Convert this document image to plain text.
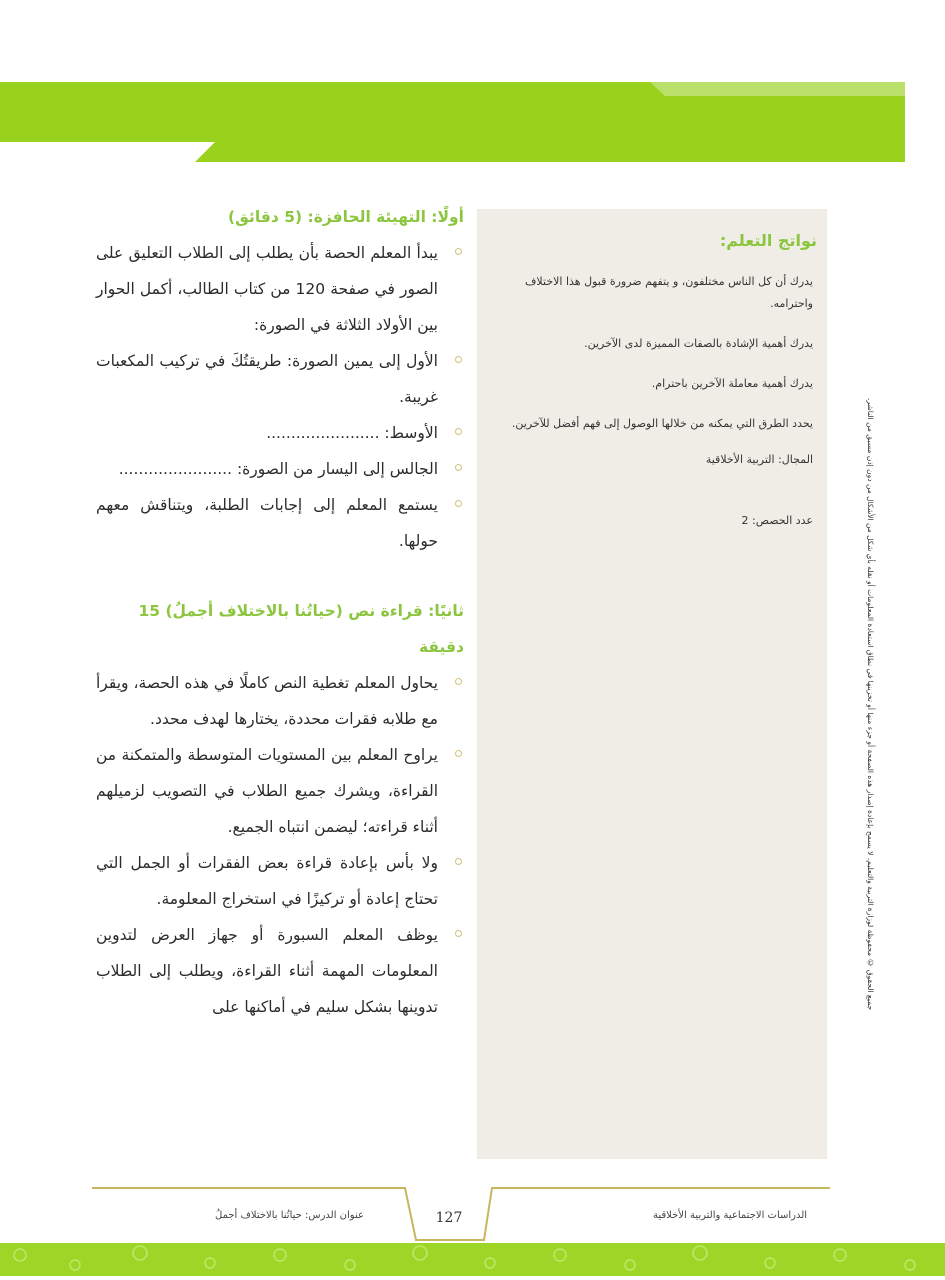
نواتج التعلم:
يدرك أن كل الناس مختلفون، و يتفهم ضرورة قبول هذا الاختلاف واحترامه.
يدرك أهمية الإشادة بالصفات المميزة لدى الآخرين.
يدرك أهمية معاملة الآخرين باحترام.
يحدد الطرق التي يمكنه من خلالها الوصول إلى فهم أفضل للآخرين.
المجال: التربية الأخلاقية
عدد الحصص: 2
أولًا: التهيئة الحافزة: (5 دقائق)
يبدأ المعلم الحصة بأن يطلب إلى الطلاب التعليق على الصور في صفحة 120 من كتاب الطالب، أكمل الحوار بين الأولاد الثلاثة في الصورة:
الأول إلى يمين الصورة: طريقتُكَ في تركيب المكعبات غريبة.
الأوسط: .......................
الجالس إلى اليسار من الصورة: .......................
يستمع المعلم إلى إجابات الطلبة، ويتناقش معهم حولها.
ثانيًا: قراءة نص (حياتُنا بالاختلاف أجملُ) 15 دقيقة
يحاول المعلم تغطية النص كاملًا في هذه الحصة، ويقرأ مع طلابه فقرات محددة، يختارها لهدف محدد.
يراوح المعلم بين المستويات المتوسطة والمتمكنة من القراءة، ويشرك جميع الطلاب في التصويب لزميلهم أثناء قراءته؛ ليضمن انتباه الجميع.
ولا بأس بإعادة قراءة بعض الفقرات أو الجمل التي تحتاج إعادة أو تركيزًا في استخراج المعلومة.
يوظف المعلم السبورة أو جهاز العرض لتدوين المعلومات المهمة أثناء القراءة، ويطلب إلى الطلاب تدوينها بشكل سليم في أماكنها على	جميع الحقوق © محفوظة لوزارة التربية والتعليم. لا يسمح بإعادة إصدار هذه الصفحة أو جزء منها أو تخزينها في نطاق استعادة المعلومات أو نقله بأي شكل من الأشكال من دون إذن مسبق من الناشر.
عنوان الدرس: حياتُنا بالاختلاف أجملُ	127	الدراسات الاجتماعية والتربية الأخلاقية
